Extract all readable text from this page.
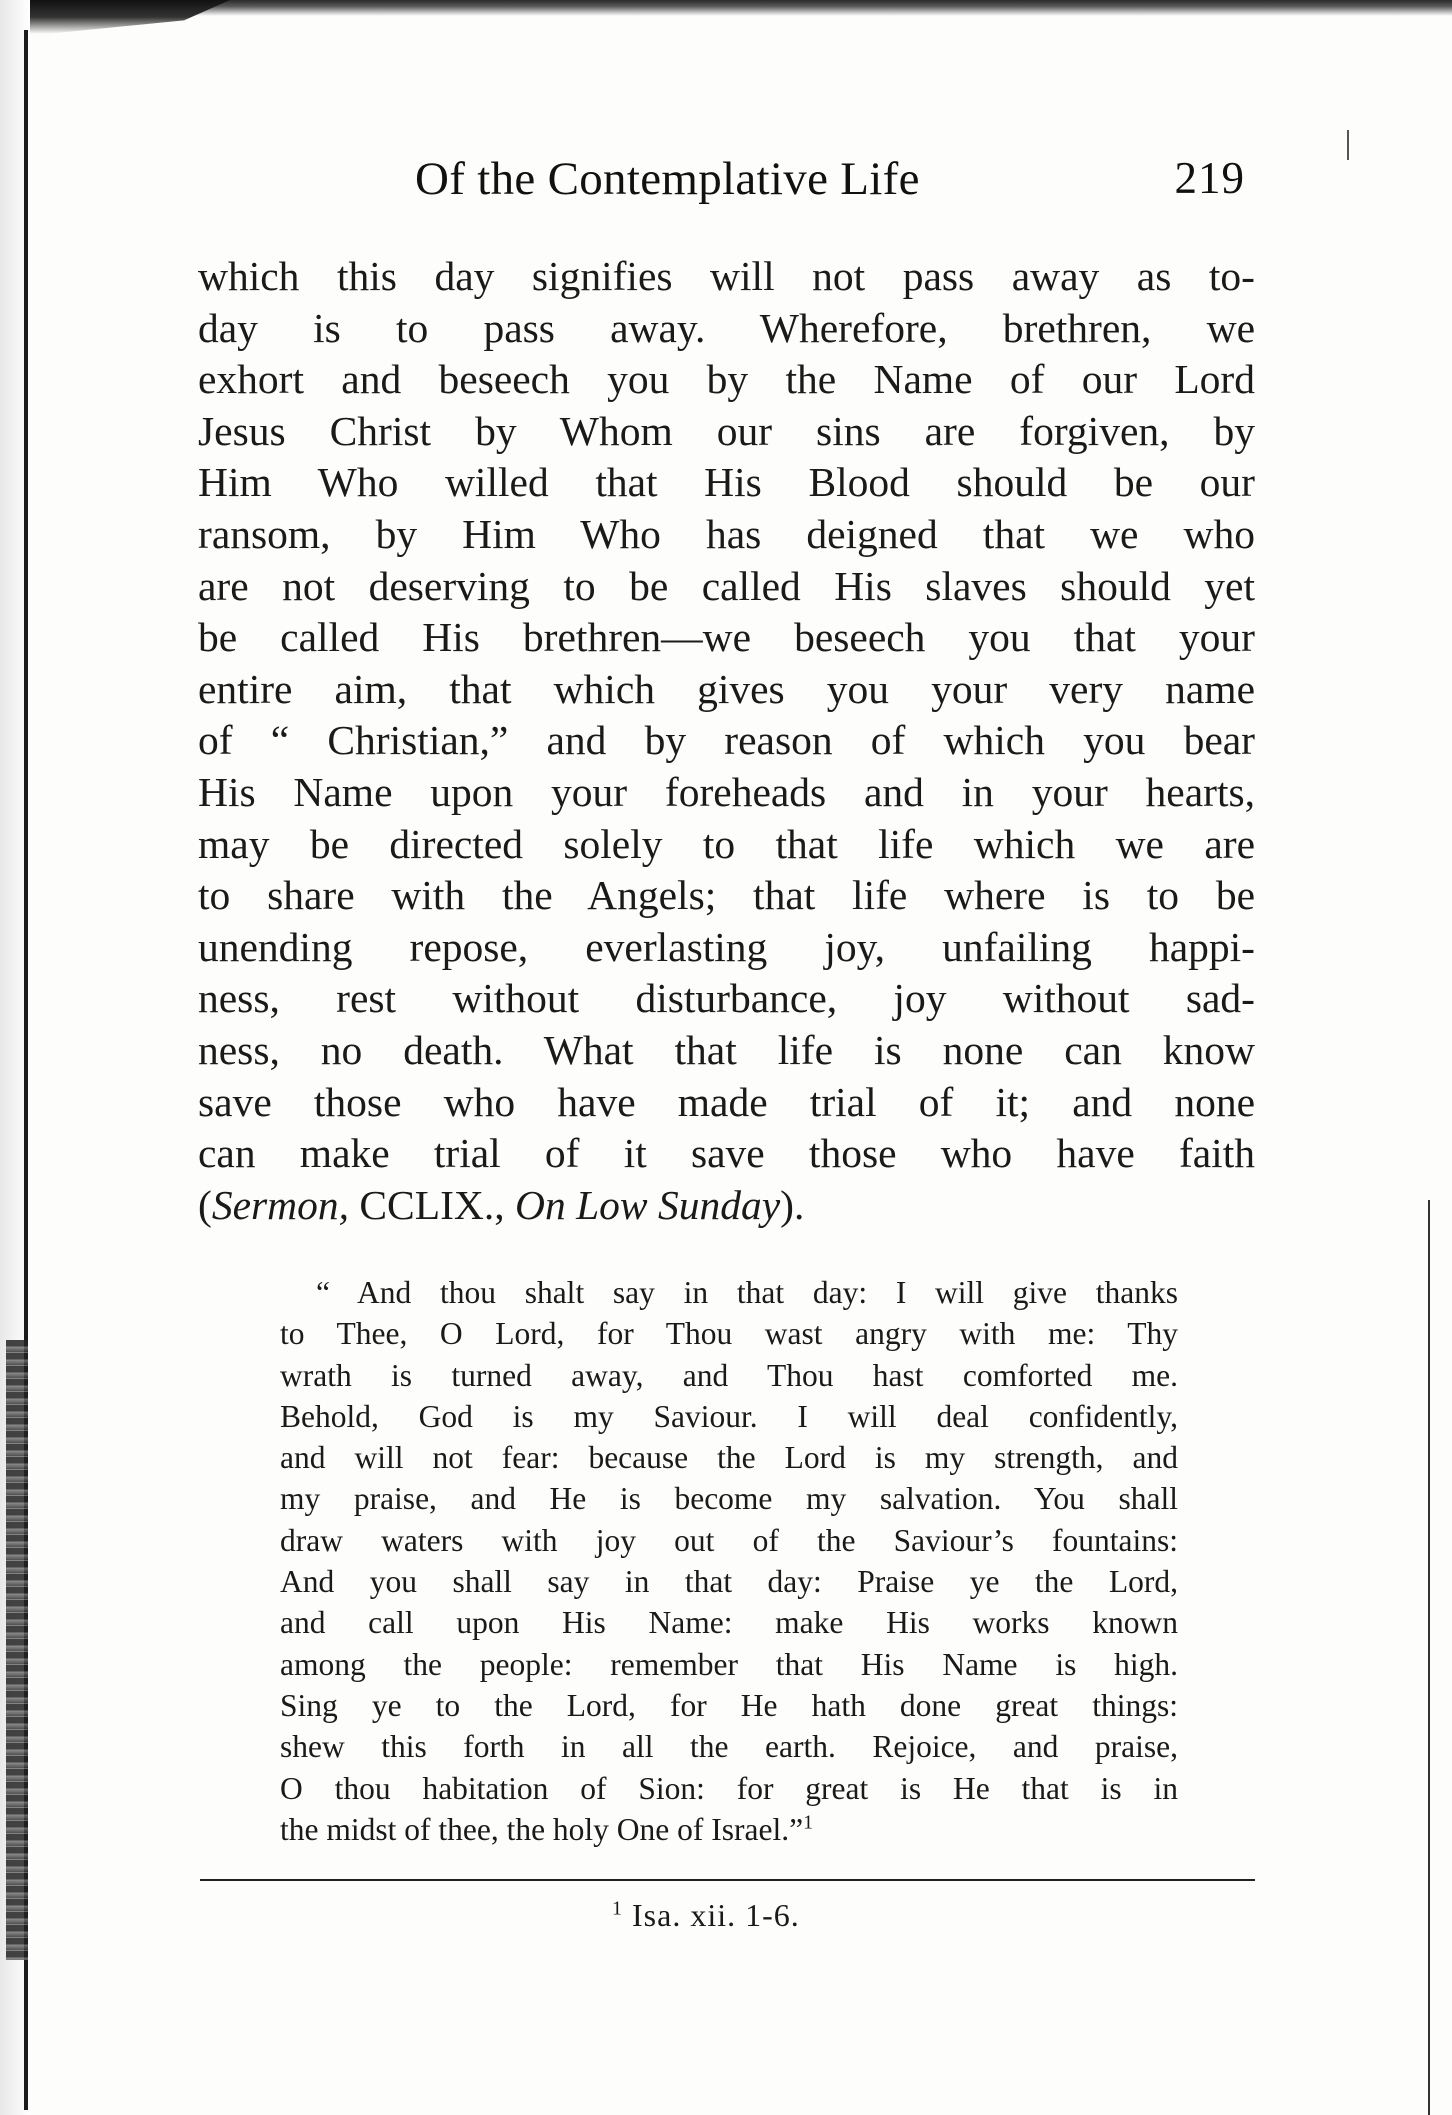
Of the Contemplative Life	219
which this day signifies will not pass away as to-
day is to pass away. Wherefore, brethren, we
exhort and beseech you by the Name of our Lord
Jesus Christ by Whom our sins are forgiven, by
Him Who willed that His Blood should be our
ransom, by Him Who has deigned that we who
are not deserving to be called His slaves should yet
be called His brethren—we beseech you that your
entire aim, that which gives you your very name
of “ Christian,” and by reason of which you bear
His Name upon your foreheads and in your hearts,
may be directed solely to that life which we are
to share with the Angels; that life where is to be
unending repose, everlasting joy, unfailing happi-
ness, rest without disturbance, joy without sad-
ness, no death. What that life is none can know
save those who have made trial of it; and none
can make trial of it save those who have faith
(Sermon, CCLIX., On Low Sunday).
“ And thou shalt say in that day: I will give thanks
to Thee, O Lord, for Thou wast angry with me: Thy
wrath is turned away, and Thou hast comforted me.
Behold, God is my Saviour. I will deal confidently,
and will not fear: because the Lord is my strength, and
my praise, and He is become my salvation. You shall
draw waters with joy out of the Saviour’s fountains:
And you shall say in that day: Praise ye the Lord,
and call upon His Name: make His works known
among the people: remember that His Name is high.
Sing ye to the Lord, for He hath done great things:
shew this forth in all the earth. Rejoice, and praise,
O thou habitation of Sion: for great is He that is in
the midst of thee, the holy One of Israel.”$^1$
$^1$ Isa. xii. 1-6.
